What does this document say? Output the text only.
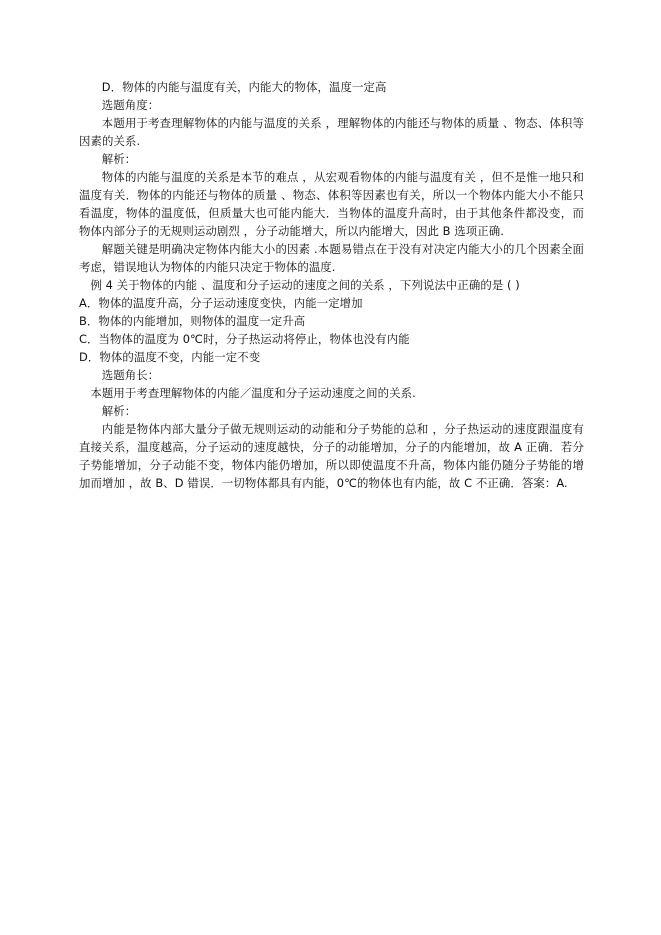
D．物体的内能与温度有关，内能大的物体，温度一定高

选题角度：

本题用于考查理解物体的内能与温度的关系 ，理解物体的内能还与物体的质量 、物态、体积等因素的关系.

解析：

物体的内能与温度的关系是本节的难点 ，从宏观看物体的内能与温度有关 ，但不是惟一地只和温度有关．物体的内能还与物体的质量 、物态、体积等因素也有关，所以一个物体内能大小不能只看温度，物体的温度低，但质量大也可能内能大．当物体的温度升高时，由于其他条件都没变，而物体内部分子的无规则运动剧烈 ，分子动能增大，所以内能增大，因此 B 选项正确.

解题关键是明确决定物体内能大小的因素 .本题易错点在于没有对决定内能大小的几个因素全面考虑，错误地认为物体的内能只决定于物体的温度.

例 4 关于物体的内能 、温度和分子运动的速度之间的关系 ，下列说法中正确的是 ( )

A．物体的温度升高，分子运动速度变快，内能一定增加

B．物体的内能增加，则物体的温度一定升高

C．当物体的温度为 0℃时，分子热运动将停止，物体也没有内能

D．物体的温度不变，内能一定不变

选题角长：

本题用于考查理解物体的内能／温度和分子运动速度之间的关系.

解析：

内能是物体内部大量分子做无规则运动的动能和分子势能的总和 ，分子热运动的速度跟温度有直接关系，温度越高，分子运动的速度越快，分子的动能增加，分子的内能增加，故 A 正确．若分子势能增加，分子动能不变，物体内能仍增加，所以即使温度不升高，物体内能仍随分子势能的增加而增加 ，故 B、D 错误．一切物体都具有内能，0℃的物体也有内能，故 C 不正确．答案：A.
